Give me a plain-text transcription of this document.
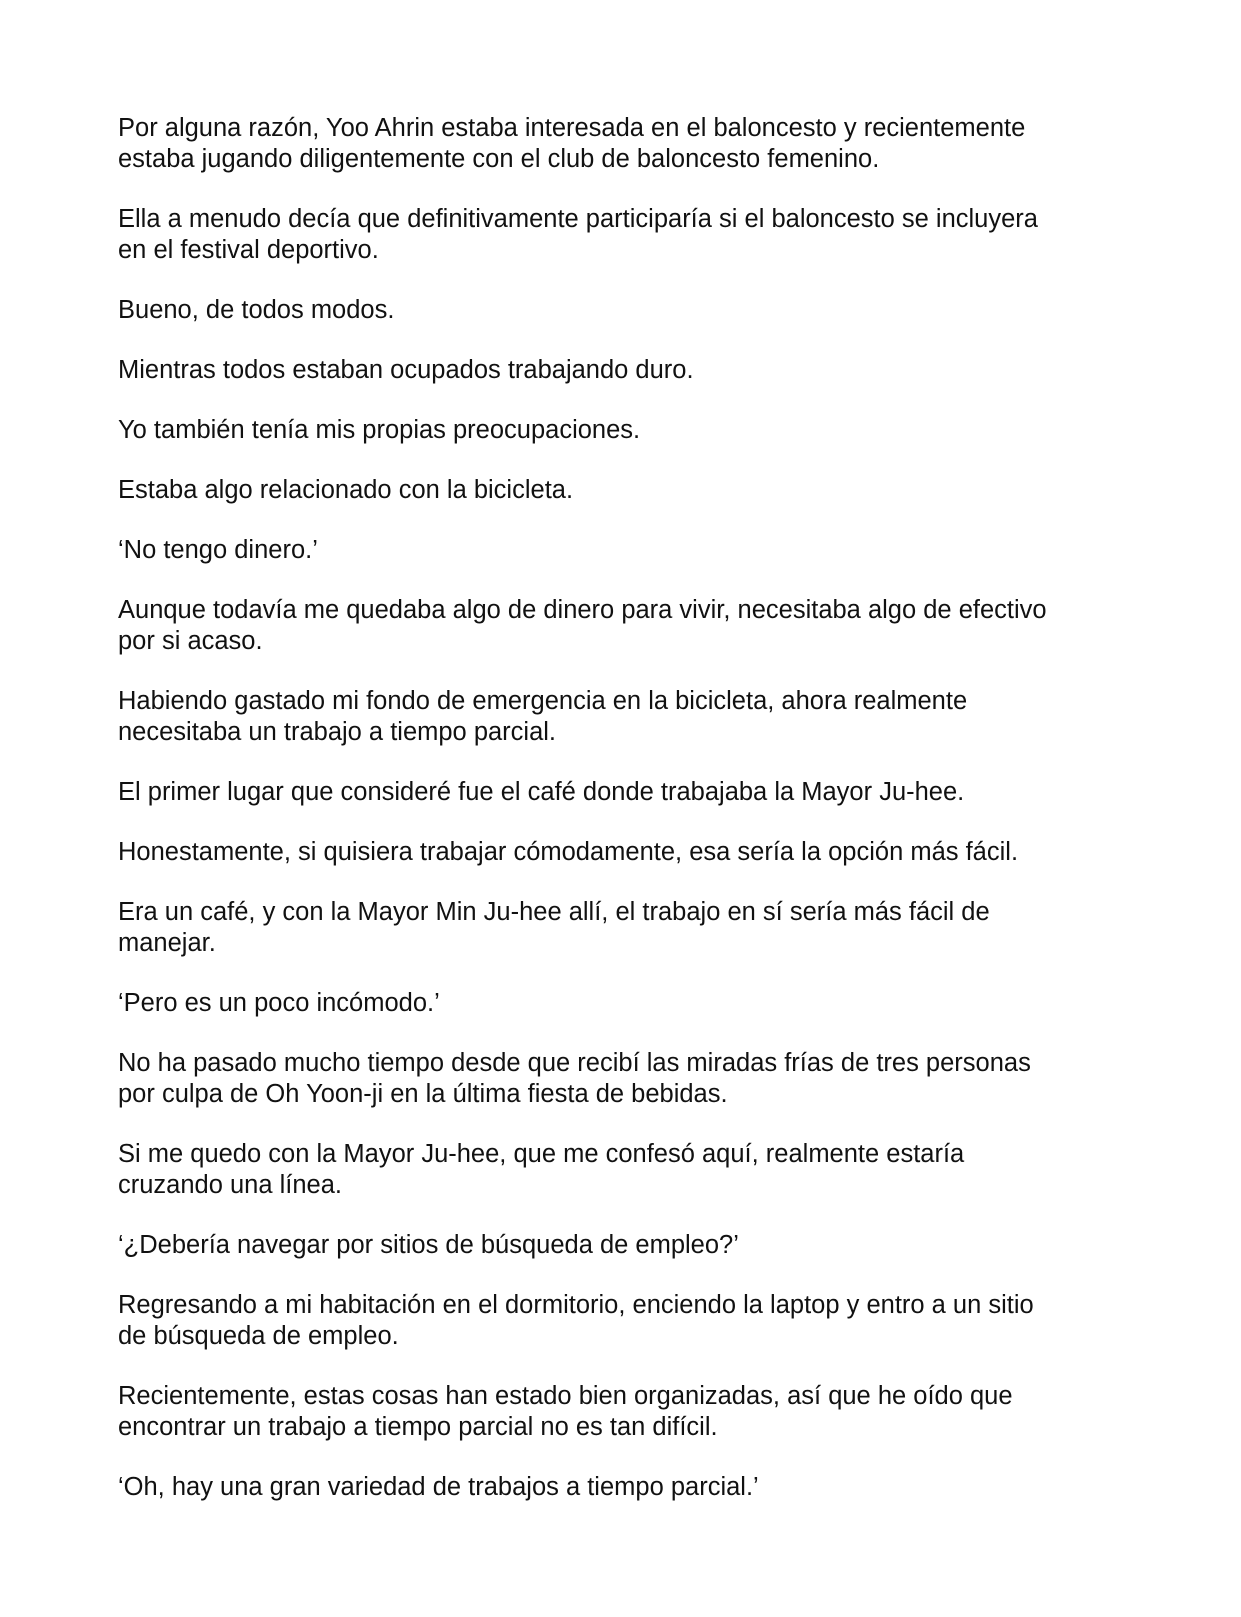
Por alguna razón, Yoo Ahrin estaba interesada en el baloncesto y recientemente
estaba jugando diligentemente con el club de baloncesto femenino.

Ella a menudo decía que definitivamente participaría si el baloncesto se incluyera
en el festival deportivo.

Bueno, de todos modos.

Mientras todos estaban ocupados trabajando duro.

Yo también tenía mis propias preocupaciones.

Estaba algo relacionado con la bicicleta.

‘No tengo dinero.’

Aunque todavía me quedaba algo de dinero para vivir, necesitaba algo de efectivo
por si acaso.

Habiendo gastado mi fondo de emergencia en la bicicleta, ahora realmente
necesitaba un trabajo a tiempo parcial.

El primer lugar que consideré fue el café donde trabajaba la Mayor Ju-hee.

Honestamente, si quisiera trabajar cómodamente, esa sería la opción más fácil.

Era un café, y con la Mayor Min Ju-hee allí, el trabajo en sí sería más fácil de
manejar.

‘Pero es un poco incómodo.’

No ha pasado mucho tiempo desde que recibí las miradas frías de tres personas
por culpa de Oh Yoon-ji en la última fiesta de bebidas.

Si me quedo con la Mayor Ju-hee, que me confesó aquí, realmente estaría
cruzando una línea.

‘¿Debería navegar por sitios de búsqueda de empleo?’

Regresando a mi habitación en el dormitorio, enciendo la laptop y entro a un sitio
de búsqueda de empleo.

Recientemente, estas cosas han estado bien organizadas, así que he oído que
encontrar un trabajo a tiempo parcial no es tan difícil.

‘Oh, hay una gran variedad de trabajos a tiempo parcial.’
